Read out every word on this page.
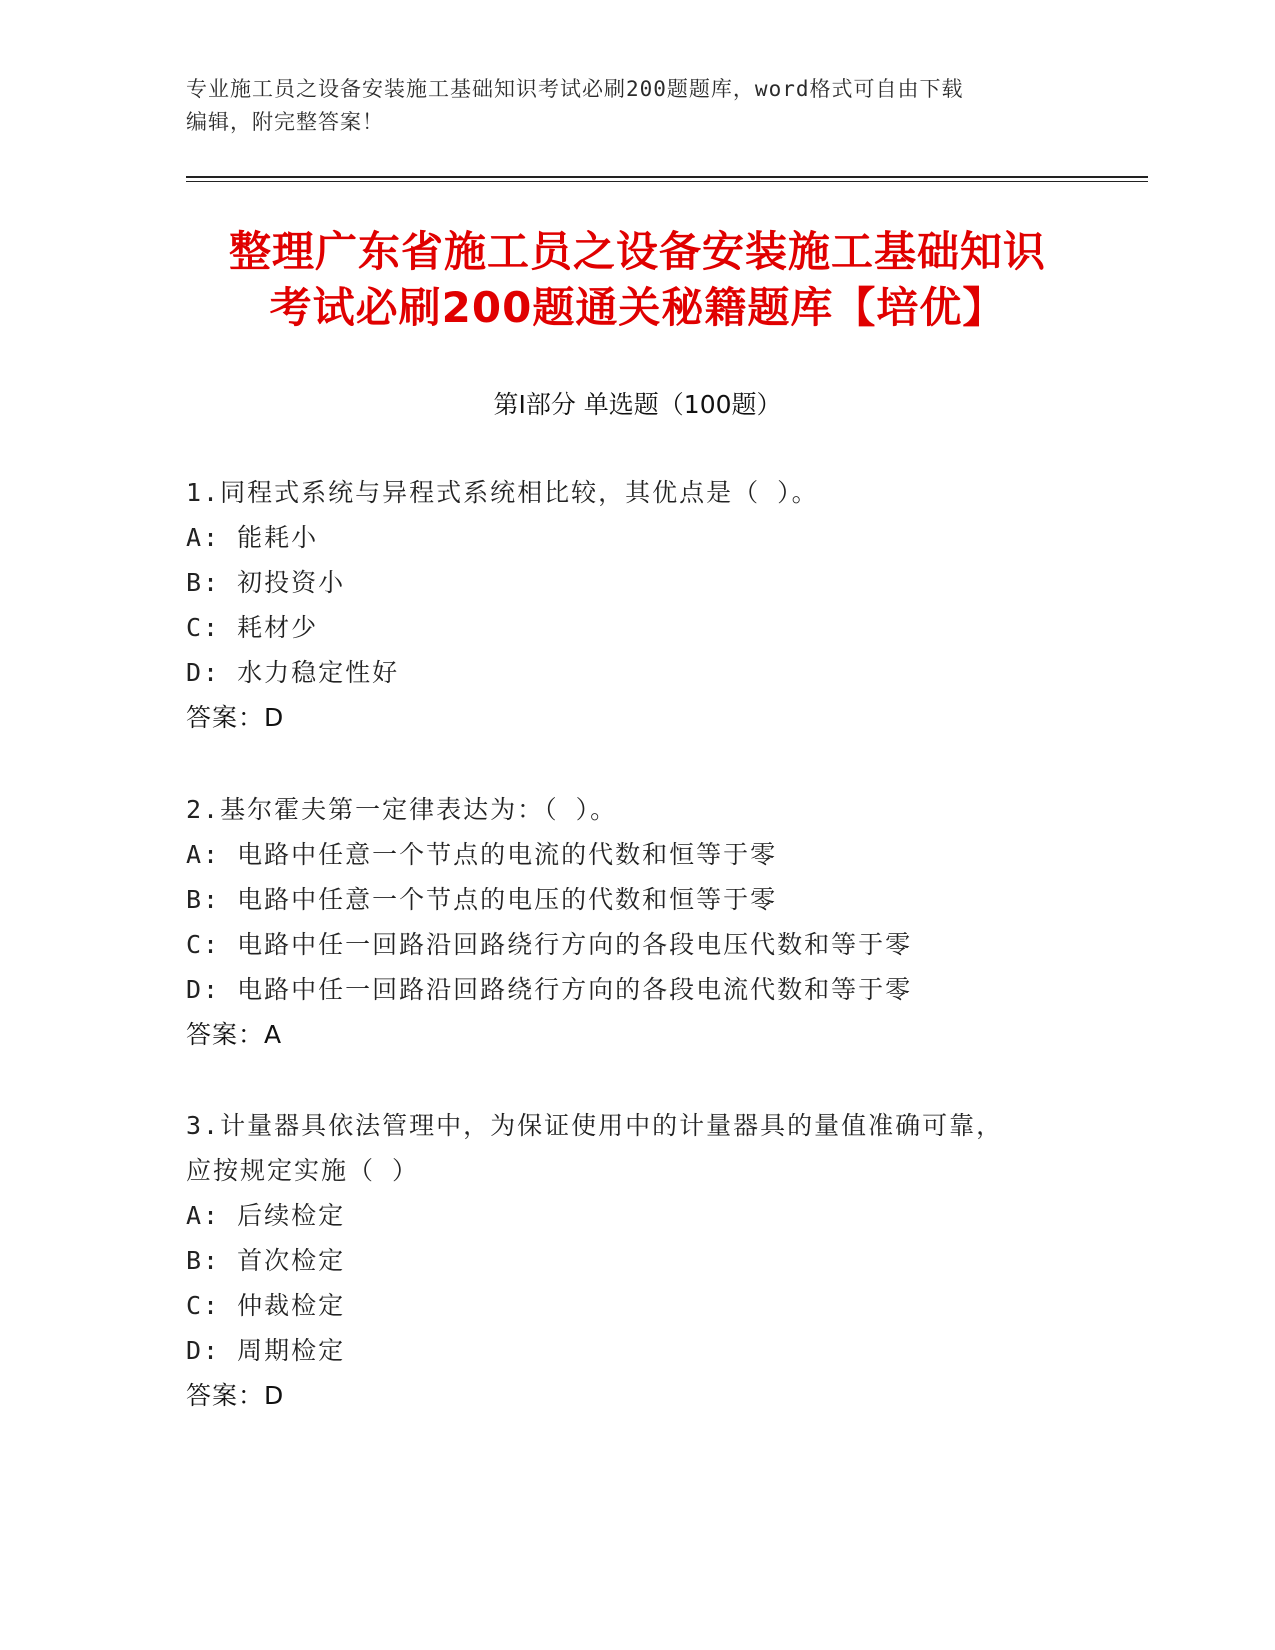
专业施工员之设备安装施工基础知识考试必刷200题题库，word格式可自由下载
编辑，附完整答案！
整理广东省施工员之设备安装施工基础知识
考试必刷200题通关秘籍题库【培优】
第I部分 单选题（100题）
1.同程式系统与异程式系统相比较，其优点是（ ）。
A: 能耗小
B: 初投资小
C: 耗材少
D: 水力稳定性好
答案：D
2.基尔霍夫第一定律表达为：（ ）。
A: 电路中任意一个节点的电流的代数和恒等于零
B: 电路中任意一个节点的电压的代数和恒等于零
C: 电路中任一回路沿回路绕行方向的各段电压代数和等于零
D: 电路中任一回路沿回路绕行方向的各段电流代数和等于零
答案：A
3.计量器具依法管理中，为保证使用中的计量器具的量值准确可靠，
应按规定实施（ ）
A: 后续检定
B: 首次检定
C: 仲裁检定
D: 周期检定
答案：D
